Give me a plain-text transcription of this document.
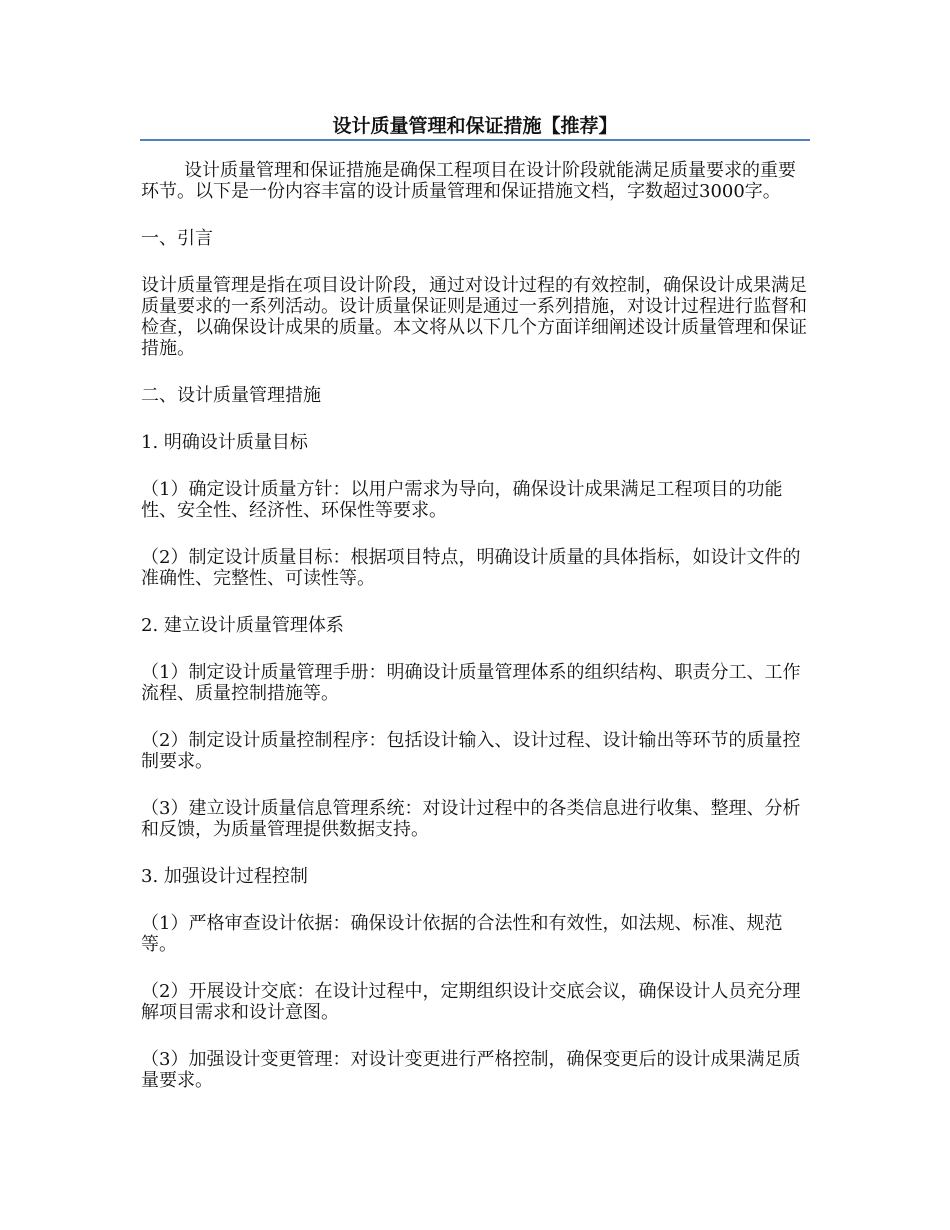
设计质量管理和保证措施【推荐】

设计质量管理和保证措施是确保工程项目在设计阶段就能满足质量要求的重要环节。以下是一份内容丰富的设计质量管理和保证措施文档，字数超过3000字。

一、引言

设计质量管理是指在项目设计阶段，通过对设计过程的有效控制，确保设计成果满足质量要求的一系列活动。设计质量保证则是通过一系列措施，对设计过程进行监督和检查，以确保设计成果的质量。本文将从以下几个方面详细阐述设计质量管理和保证措施。

二、设计质量管理措施

1. 明确设计质量目标

（1）确定设计质量方针：以用户需求为导向，确保设计成果满足工程项目的功能性、安全性、经济性、环保性等要求。

（2）制定设计质量目标：根据项目特点，明确设计质量的具体指标，如设计文件的准确性、完整性、可读性等。

2. 建立设计质量管理体系

（1）制定设计质量管理手册：明确设计质量管理体系的组织结构、职责分工、工作流程、质量控制措施等。

（2）制定设计质量控制程序：包括设计输入、设计过程、设计输出等环节的质量控制要求。

（3）建立设计质量信息管理系统：对设计过程中的各类信息进行收集、整理、分析和反馈，为质量管理提供数据支持。

3. 加强设计过程控制

（1）严格审查设计依据：确保设计依据的合法性和有效性，如法规、标准、规范等。

（2）开展设计交底：在设计过程中，定期组织设计交底会议，确保设计人员充分理解项目需求和设计意图。

（3）加强设计变更管理：对设计变更进行严格控制，确保变更后的设计成果满足质量要求。
